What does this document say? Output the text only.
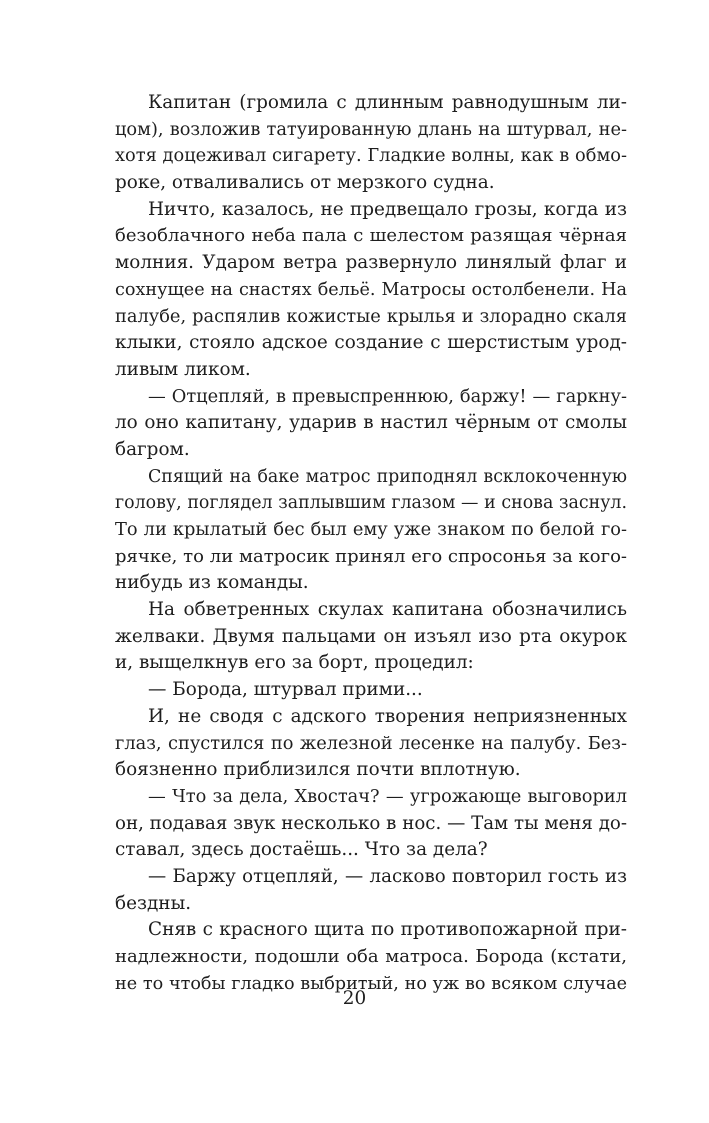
Капитан (громила с длинным равнодушным ли-
цом), возложив татуированную длань на штурвал, не-
хотя доцеживал сигарету. Гладкие волны, как в обмо-
роке, отваливались от мерзкого судна.
Ничто, казалось, не предвещало грозы, когда из
безоблачного неба пала с шелестом разящая чёрная
молния. Ударом ветра развернуло линялый флаг и
сохнущее на снастях бельё. Матросы остолбенели. На
палубе, распялив кожистые крылья и злорадно скаля
клыки, стояло адское создание с шерстистым урод-
ливым ликом.
— Отцепляй, в превыспреннюю, баржу! — гаркну-
ло оно капитану, ударив в настил чёрным от смолы
багром.
Спящий на баке матрос приподнял всклокоченную
голову, поглядел заплывшим глазом — и снова заснул.
То ли крылатый бес был ему уже знаком по белой го-
рячке, то ли матросик принял его спросонья за кого-
нибудь из команды.
На обветренных скулах капитана обозначились
желваки. Двумя пальцами он изъял изо рта окурок
и, выщелкнув его за борт, процедил:
— Борода, штурвал прими...
И, не сводя с адского творения неприязненных
глаз, спустился по железной лесенке на палубу. Без-
боязненно приблизился почти вплотную.
— Что за дела, Хвостач? — угрожающе выговорил
он, подавая звук несколько в нос. — Там ты меня до-
ставал, здесь достаёшь... Что за дела?
— Баржу отцепляй, — ласково повторил гость из
бездны.
Сняв с красного щита по противопожарной при-
надлежности, подошли оба матроса. Борода (кстати,
не то чтобы гладко выбритый, но уж во всяком случае
20
